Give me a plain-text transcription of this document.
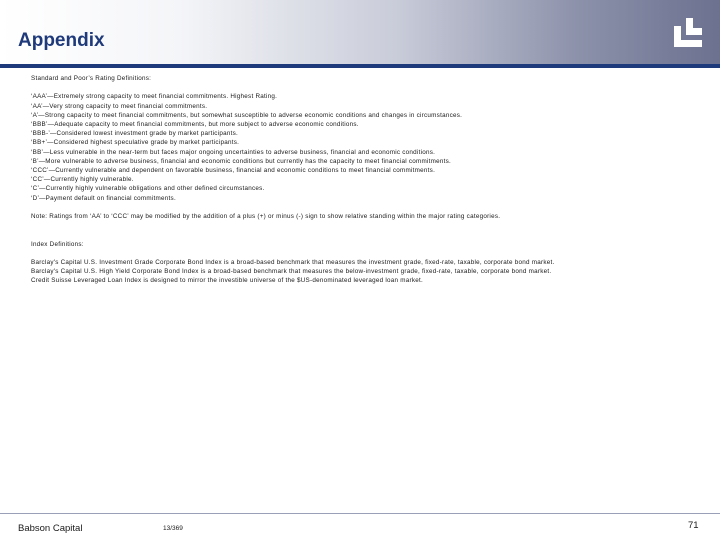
Appendix

Standard and Poor’s Rating Definitions:

‘AAA’—Extremely strong capacity to meet financial commitments. Highest Rating.

‘AA’—Very strong capacity to meet financial commitments.

‘A’—Strong capacity to meet financial commitments, but somewhat susceptible to adverse economic conditions and changes in circumstances.

‘BBB’—Adequate capacity to meet financial commitments, but more subject to adverse economic conditions.

‘BBB-’—Considered lowest investment grade by market participants.

‘BB+’—Considered highest speculative grade by market participants.

‘BB’—Less vulnerable in the near-term but faces major ongoing uncertainties to adverse business, financial and economic conditions.

‘B’—More vulnerable to adverse business, financial and economic conditions but currently has the capacity to meet financial commitments.

‘CCC’—Currently vulnerable and dependent on favorable business, financial and economic conditions to meet financial commitments.

‘CC’—Currently highly vulnerable.

‘C’—Currently highly vulnerable obligations and other defined circumstances.

‘D’—Payment default on financial commitments.

Note: Ratings from ‘AA’ to ‘CCC’ may be modified by the addition of a plus (+) or minus (-) sign to show relative standing within the major rating categories.

Index Definitions:

Barclay's Capital U.S. Investment Grade Corporate Bond Index is a broad-based benchmark that measures the investment grade, fixed-rate, taxable, corporate bond market.

Barclay's Capital U.S. High Yield Corporate Bond Index is a broad-based benchmark that measures the below-investment grade, fixed-rate, taxable, corporate bond market.

Credit Suisse Leveraged Loan Index is designed to mirror the investible universe of the $US-denominated leveraged loan market.

Babson Capital	13/369	71
